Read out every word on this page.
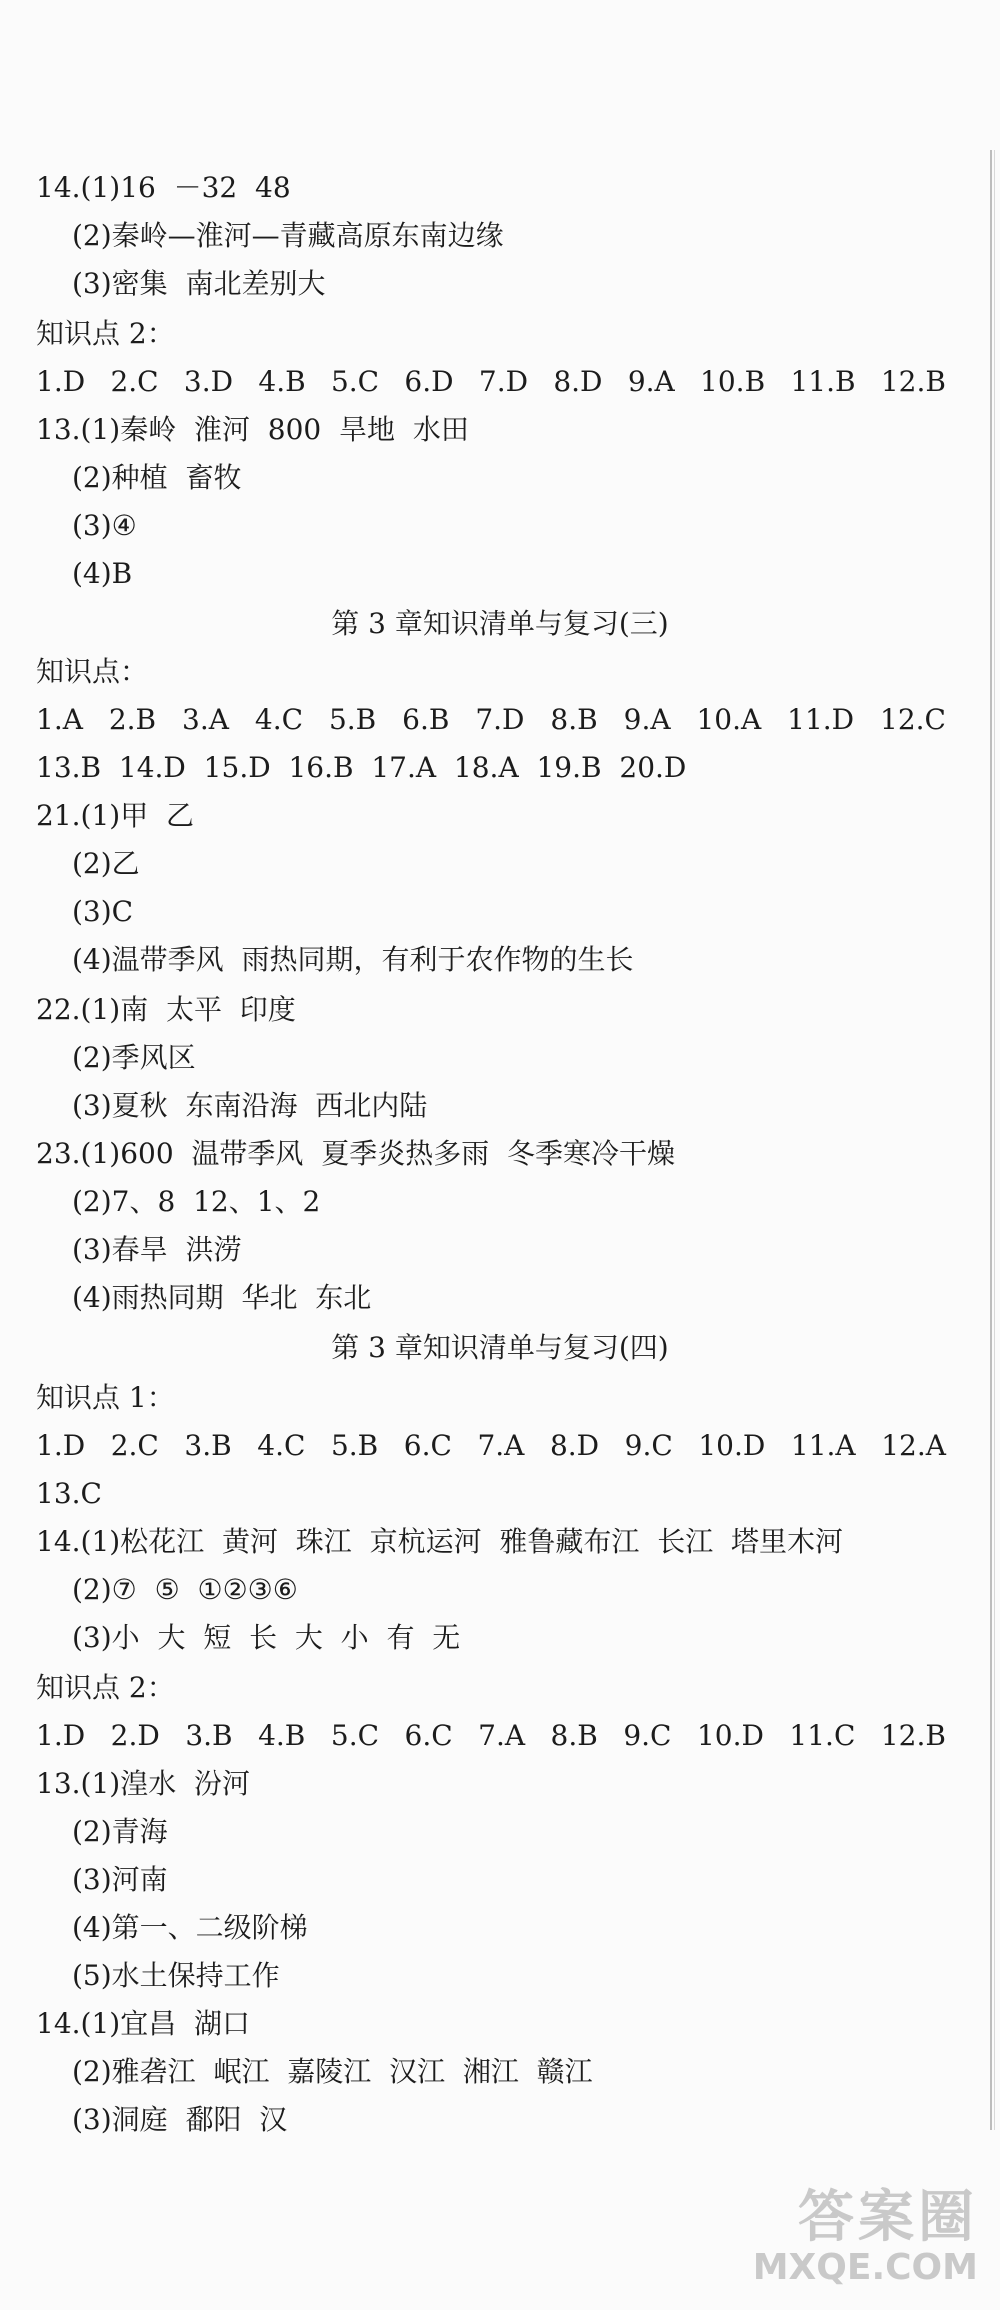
14.(1)16  －32  48
(2)秦岭—淮河—青藏高原东南边缘
(3)密集  南北差别大
知识点 2：
1.D 2.C 3.D 4.B 5.C 6.D 7.D 8.D 9.A 10.B 11.B 12.B
13.(1)秦岭  淮河  800  旱地  水田
(2)种植  畜牧
(3)④
(4)B
第 3 章知识清单与复习(三)
知识点：
1.A 2.B 3.A 4.C 5.B 6.B 7.D 8.B 9.A 10.A 11.D 12.C
13.B  14.D  15.D  16.B  17.A  18.A  19.B  20.D
21.(1)甲  乙
(2)乙
(3)C
(4)温带季风  雨热同期，有利于农作物的生长
22.(1)南  太平  印度
(2)季风区
(3)夏秋  东南沿海  西北内陆
23.(1)600  温带季风  夏季炎热多雨  冬季寒冷干燥
(2)7、8  12、1、2
(3)春旱  洪涝
(4)雨热同期  华北  东北
第 3 章知识清单与复习(四)
知识点 1：
1.D 2.C 3.B 4.C 5.B 6.C 7.A 8.D 9.C 10.D 11.A 12.A
13.C
14.(1)松花江  黄河  珠江  京杭运河  雅鲁藏布江  长江  塔里木河
(2)⑦  ⑤  ①②③⑥
(3)小  大  短  长  大  小  有  无
知识点 2：
1.D 2.D 3.B 4.B 5.C 6.C 7.A 8.B 9.C 10.D 11.C 12.B
13.(1)湟水  汾河
(2)青海
(3)河南
(4)第一、二级阶梯
(5)水土保持工作
14.(1)宜昌  湖口
(2)雅砻江  岷江  嘉陵江  汉江  湘江  赣江
(3)洞庭  鄱阳  汉
答案圈
MXQE.COM
